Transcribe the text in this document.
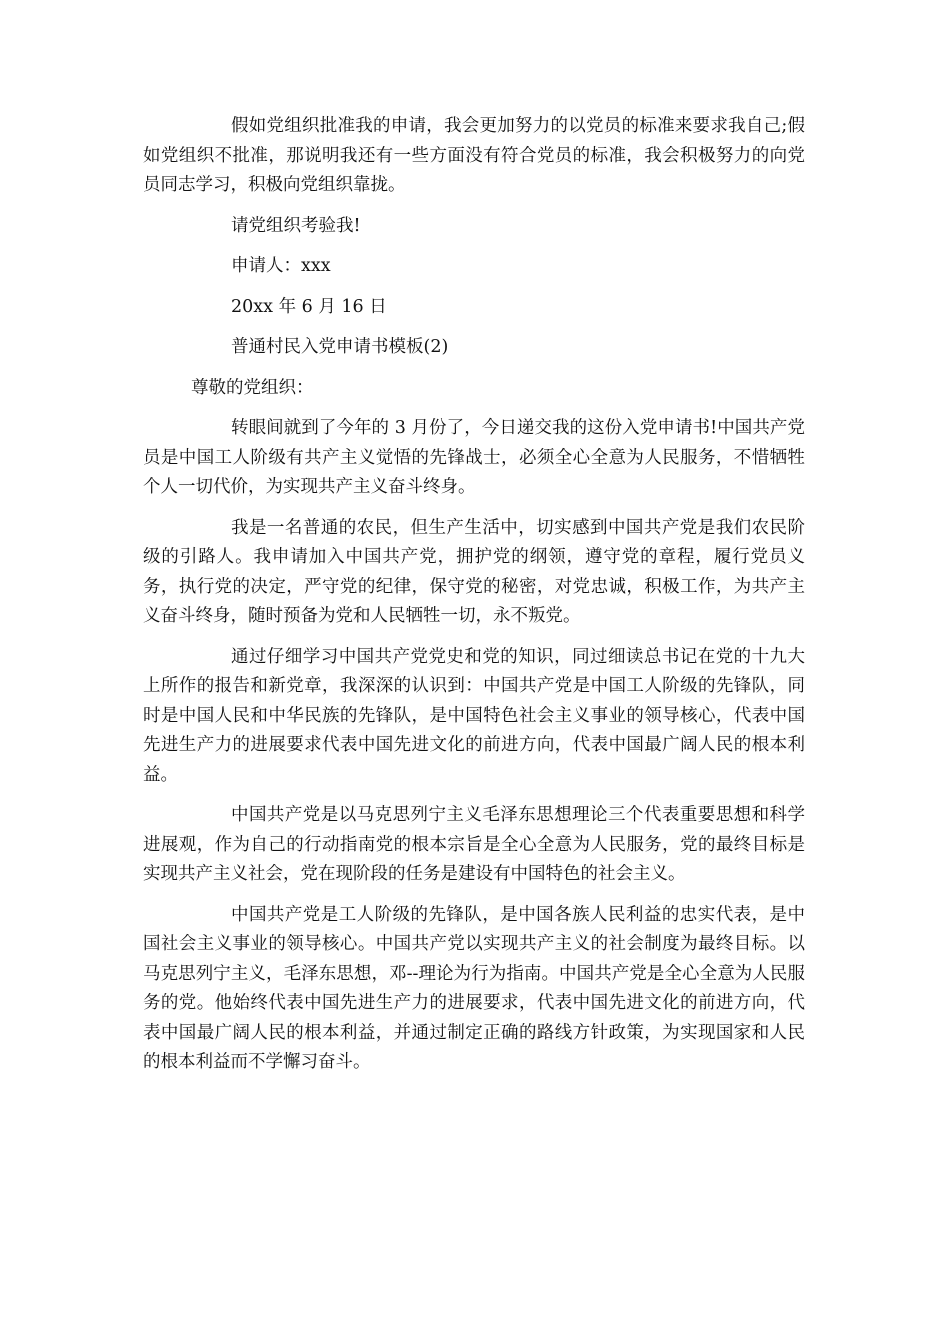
假如党组织批准我的申请，我会更加努力的以党员的标准来要求我自己;假如党组织不批准，那说明我还有一些方面没有符合党员的标准，我会积极努力的向党员同志学习，积极向党组织靠拢。

请党组织考验我!

申请人：xxx

20xx 年 6 月 16 日

普通村民入党申请书模板(2)

尊敬的党组织：

转眼间就到了今年的 3 月份了，今日递交我的这份入党申请书!中国共产党员是中国工人阶级有共产主义觉悟的先锋战士，必须全心全意为人民服务，不惜牺牲个人一切代价，为实现共产主义奋斗终身。

我是一名普通的农民，但生产生活中，切实感到中国共产党是我们农民阶级的引路人。我申请加入中国共产党，拥护党的纲领，遵守党的章程，履行党员义务，执行党的决定，严守党的纪律，保守党的秘密，对党忠诚，积极工作，为共产主义奋斗终身，随时预备为党和人民牺牲一切，永不叛党。

通过仔细学习中国共产党党史和党的知识，同过细读总书记在党的十九大上所作的报告和新党章，我深深的认识到：中国共产党是中国工人阶级的先锋队，同时是中国人民和中华民族的先锋队，是中国特色社会主义事业的领导核心，代表中国先进生产力的进展要求代表中国先进文化的前进方向，代表中国最广阔人民的根本利益。

中国共产党是以马克思列宁主义毛泽东思想理论三个代表重要思想和科学进展观，作为自己的行动指南党的根本宗旨是全心全意为人民服务，党的最终目标是实现共产主义社会，党在现阶段的任务是建设有中国特色的社会主义。

中国共产党是工人阶级的先锋队，是中国各族人民利益的忠实代表，是中国社会主义事业的领导核心。中国共产党以实现共产主义的社会制度为最终目标。以马克思列宁主义，毛泽东思想，邓--理论为行为指南。中国共产党是全心全意为人民服务的党。他始终代表中国先进生产力的进展要求，代表中国先进文化的前进方向，代表中国最广阔人民的根本利益，并通过制定正确的路线方针政策，为实现国家和人民的根本利益而不学懈习奋斗。
